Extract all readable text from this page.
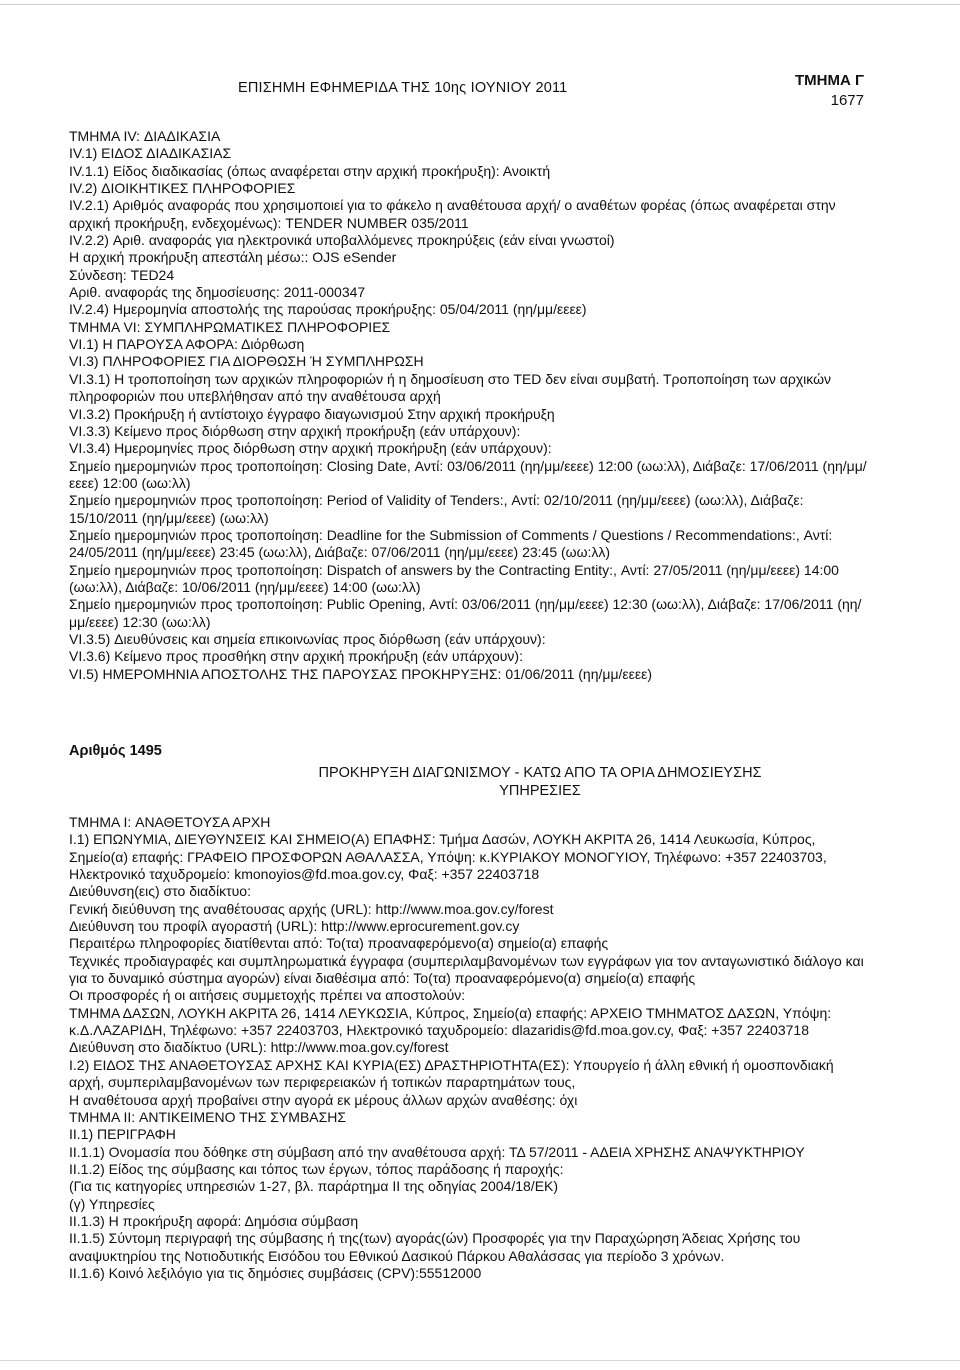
ΕΠΙΣΗΜΗ ΕΦΗΜΕΡΙΔΑ ΤΗΣ 10ης ΙΟΥΝΙΟΥ 2011	ΤΜΗΜΑ Γ
1677
ΤΜΗΜΑ IV: ΔΙΑΔΙΚΑΣΙΑ
IV.1) ΕΙΔΟΣ ΔΙΑΔΙΚΑΣΙΑΣ
IV.1.1) Είδος διαδικασίας (όπως αναφέρεται στην αρχική προκήρυξη): Ανοικτή
IV.2) ΔΙΟΙΚΗΤΙΚΕΣ ΠΛΗΡΟΦΟΡΙΕΣ
IV.2.1) Αριθμός αναφοράς που χρησιμοποιεί για το φάκελο η αναθέτουσα αρχή/ ο αναθέτων φορέας (όπως αναφέρεται στην αρχική προκήρυξη, ενδεχομένως): TENDER NUMBER 035/2011
IV.2.2) Αριθ. αναφοράς για ηλεκτρονικά υποβαλλόμενες προκηρύξεις (εάν είναι γνωστοί)
Η αρχική προκήρυξη απεστάλη μέσω:: OJS eSender
Σύνδεση: TED24
Αριθ. αναφοράς της δημοσίευσης: 2011-000347
IV.2.4) Ημερομηνία αποστολής της παρούσας προκήρυξης: 05/04/2011 (ηη/μμ/εεεε)
ΤΜΗΜΑ VI: ΣΥΜΠΛΗΡΩΜΑΤΙΚΕΣ ΠΛΗΡΟΦΟΡΙΕΣ
VI.1) Η ΠΑΡΟΥΣΑ ΑΦΟΡΑ: Διόρθωση
VI.3) ΠΛΗΡΟΦΟΡΙΕΣ ΓΙΑ ΔΙΟΡΘΩΣΗ Ή ΣΥΜΠΛΗΡΩΣΗ
VI.3.1) Η τροποποίηση των αρχικών πληροφοριών ή η δημοσίευση στο TED δεν είναι συμβατή. Τροποποίηση των αρχικών πληροφοριών που υπεβλήθησαν από την αναθέτουσα αρχή
VI.3.2) Προκήρυξη ή αντίστοιχο έγγραφο διαγωνισμού Στην αρχική προκήρυξη
VI.3.3) Κείμενο προς διόρθωση στην αρχική προκήρυξη (εάν υπάρχουν):
VI.3.4) Ημερομηνίες προς διόρθωση στην αρχική προκήρυξη (εάν υπάρχουν):
Σημείο ημερομηνιών προς τροποποίηση: Closing Date, Αντί: 03/06/2011 (ηη/μμ/εεεε) 12:00 (ωω:λλ), Διάβαζε: 17/06/2011 (ηη/μμ/εεεε) 12:00 (ωω:λλ)
Σημείο ημερομηνιών προς τροποποίηση: Period of Validity of Tenders:, Αντί: 02/10/2011 (ηη/μμ/εεεε) (ωω:λλ), Διάβαζε: 15/10/2011 (ηη/μμ/εεεε) (ωω:λλ)
Σημείο ημερομηνιών προς τροποποίηση: Deadline for the Submission of Comments / Questions / Recommendations:, Αντί: 24/05/2011 (ηη/μμ/εεεε) 23:45 (ωω:λλ), Διάβαζε: 07/06/2011 (ηη/μμ/εεεε) 23:45 (ωω:λλ)
Σημείο ημερομηνιών προς τροποποίηση: Dispatch of answers by the Contracting Entity:, Αντί: 27/05/2011 (ηη/μμ/εεεε) 14:00 (ωω:λλ), Διάβαζε: 10/06/2011 (ηη/μμ/εεεε) 14:00 (ωω:λλ)
Σημείο ημερομηνιών προς τροποποίηση: Public Opening, Αντί: 03/06/2011 (ηη/μμ/εεεε) 12:30 (ωω:λλ), Διάβαζε: 17/06/2011 (ηη/μμ/εεεε) 12:30 (ωω:λλ)
VI.3.5) Διευθύνσεις και σημεία επικοινωνίας προς διόρθωση (εάν υπάρχουν):
VI.3.6) Κείμενο προς προσθήκη στην αρχική προκήρυξη (εάν υπάρχουν):
VI.5) ΗΜΕΡΟΜΗΝΙΑ ΑΠΟΣΤΟΛΗΣ ΤΗΣ ΠΑΡΟΥΣΑΣ ΠΡΟΚΗΡΥΞΗΣ: 01/06/2011 (ηη/μμ/εεεε)
Αριθμός 1495
ΠΡΟΚΗΡΥΞΗ ΔΙΑΓΩΝΙΣΜΟΥ - ΚΑΤΩ ΑΠΟ ΤΑ ΟΡΙΑ ΔΗΜΟΣΙΕΥΣΗΣ
ΥΠΗΡΕΣΙΕΣ
ΤΜΗΜΑ I: ΑΝΑΘΕΤΟΥΣΑ ΑΡΧΗ
I.1) ΕΠΩΝΥΜΙΑ, ΔΙΕΥΘΥΝΣΕΙΣ ΚΑΙ ΣΗΜΕΙΟ(Α) ΕΠΑΦΗΣ: Τμήμα Δασών, ΛΟΥΚΗ ΑΚΡΙΤΑ 26, 1414 Λευκωσία, Κύπρος, Σημείο(α) επαφής: ΓΡΑΦΕΙΟ ΠΡΟΣΦΟΡΩΝ ΑΘΑΛΑΣΣΑ, Υπόψη: κ.ΚΥΡΙΑΚΟΥ ΜΟΝΟΓΥΙΟΥ, Τηλέφωνο: +357 22403703, Ηλεκτρονικό ταχυδρομείο: kmonoyios@fd.moa.gov.cy, Φαξ: +357 22403718
Διεύθυνση(εις) στο διαδίκτυο:
Γενική διεύθυνση της αναθέτουσας αρχής (URL): http://www.moa.gov.cy/forest
Διεύθυνση του προφίλ αγοραστή (URL): http://www.eprocurement.gov.cy
Περαιτέρω πληροφορίες διατίθενται από: Το(τα) προαναφερόμενο(α) σημείο(α) επαφής
Τεχνικές προδιαγραφές και συμπληρωματικά έγγραφα (συμπεριλαμβανομένων των εγγράφων για τον ανταγωνιστικό διάλογο και για το δυναμικό σύστημα αγορών) είναι διαθέσιμα από: Το(τα) προαναφερόμενο(α) σημείο(α) επαφής
Οι προσφορές ή οι αιτήσεις συμμετοχής πρέπει να αποστολούν:
ΤΜΗΜΑ ΔΑΣΩΝ, ΛΟΥΚΗ ΑΚΡΙΤΑ 26, 1414 ΛΕΥΚΩΣΙΑ, Κύπρος, Σημείο(α) επαφής: ΑΡΧΕΙΟ ΤΜΗΜΑΤΟΣ ΔΑΣΩΝ, Υπόψη: κ.Δ.ΛΑΖΑΡΙΔΗ, Τηλέφωνο: +357 22403703, Ηλεκτρονικό ταχυδρομείο: dlazaridis@fd.moa.gov.cy, Φαξ: +357 22403718
Διεύθυνση στο διαδίκτυο (URL): http://www.moa.gov.cy/forest
I.2) ΕΙΔΟΣ ΤΗΣ ΑΝΑΘΕΤΟΥΣΑΣ ΑΡΧΗΣ ΚΑΙ ΚΥΡΙΑ(ΕΣ) ΔΡΑΣΤΗΡΙΟΤΗΤΑ(ΕΣ): Υπουργείο ή άλλη εθνική ή ομοσπονδιακή αρχή, συμπεριλαμβανομένων των περιφερειακών ή τοπικών παραρτημάτων τους,
Η αναθέτουσα αρχή προβαίνει στην αγορά εκ μέρους άλλων αρχών αναθέσης: όχι
ΤΜΗΜΑ II: ΑΝΤΙΚΕΙΜΕΝΟ ΤΗΣ ΣΥΜΒΑΣΗΣ
II.1) ΠΕΡΙΓΡΑΦΗ
II.1.1) Ονομασία που δόθηκε στη σύμβαση από την αναθέτουσα αρχή: ΤΔ 57/2011 - ΑΔΕΙΑ ΧΡΗΣΗΣ ΑΝΑΨΥΚΤΗΡΙΟΥ
II.1.2) Είδος της σύμβασης και τόπος των έργων, τόπος παράδοσης ή παροχής:
(Για τις κατηγορίες υπηρεσιών 1-27, βλ. παράρτημα II της οδηγίας 2004/18/ΕΚ)
(γ) Υπηρεσίες
II.1.3) Η προκήρυξη αφορά: Δημόσια σύμβαση
II.1.5) Σύντομη περιγραφή της σύμβασης ή της(των) αγοράς(ών) Προσφορές για την Παραχώρηση Άδειας Χρήσης του αναψυκτηρίου της Νοτιοδυτικής Εισόδου του Εθνικού Δασικού Πάρκου Αθαλάσσας για περίοδο 3 χρόνων.
II.1.6) Κοινό λεξιλόγιο για τις δημόσιες συμβάσεις (CPV):55512000
